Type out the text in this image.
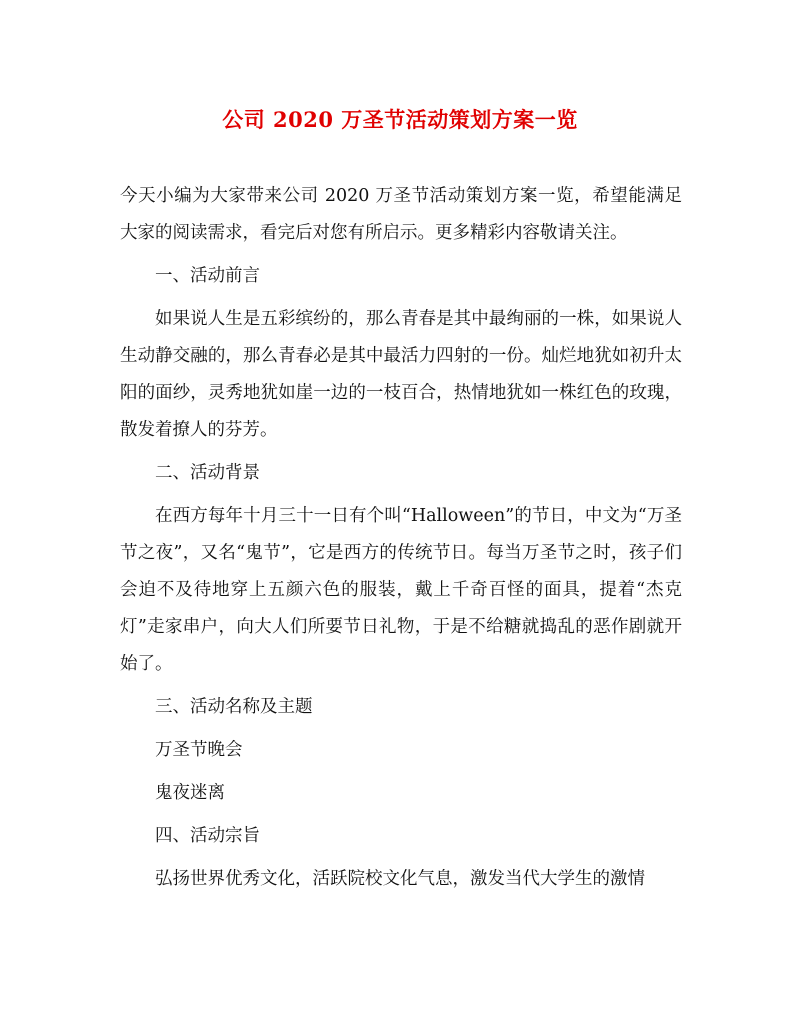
公司 2020 万圣节活动策划方案一览

今天小编为大家带来公司 2020 万圣节活动策划方案一览，希望能满足大家的阅读需求，看完后对您有所启示。更多精彩内容敬请关注。

一、活动前言

如果说人生是五彩缤纷的，那么青春是其中最绚丽的一株，如果说人生动静交融的，那么青春必是其中最活力四射的一份。灿烂地犹如初升太阳的面纱，灵秀地犹如崖一边的一枝百合，热情地犹如一株红色的玫瑰，散发着撩人的芬芳。

二、活动背景

在西方每年十月三十一日有个叫“Halloween”的节日，中文为“万圣节之夜”，又名“鬼节”，它是西方的传统节日。每当万圣节之时，孩子们会迫不及待地穿上五颜六色的服装，戴上千奇百怪的面具，提着“杰克灯”走家串户，向大人们所要节日礼物，于是不给糖就捣乱的恶作剧就开始了。

三、活动名称及主题

万圣节晚会

鬼夜迷离

四、活动宗旨

弘扬世界优秀文化，活跃院校文化气息，激发当代大学生的激情
